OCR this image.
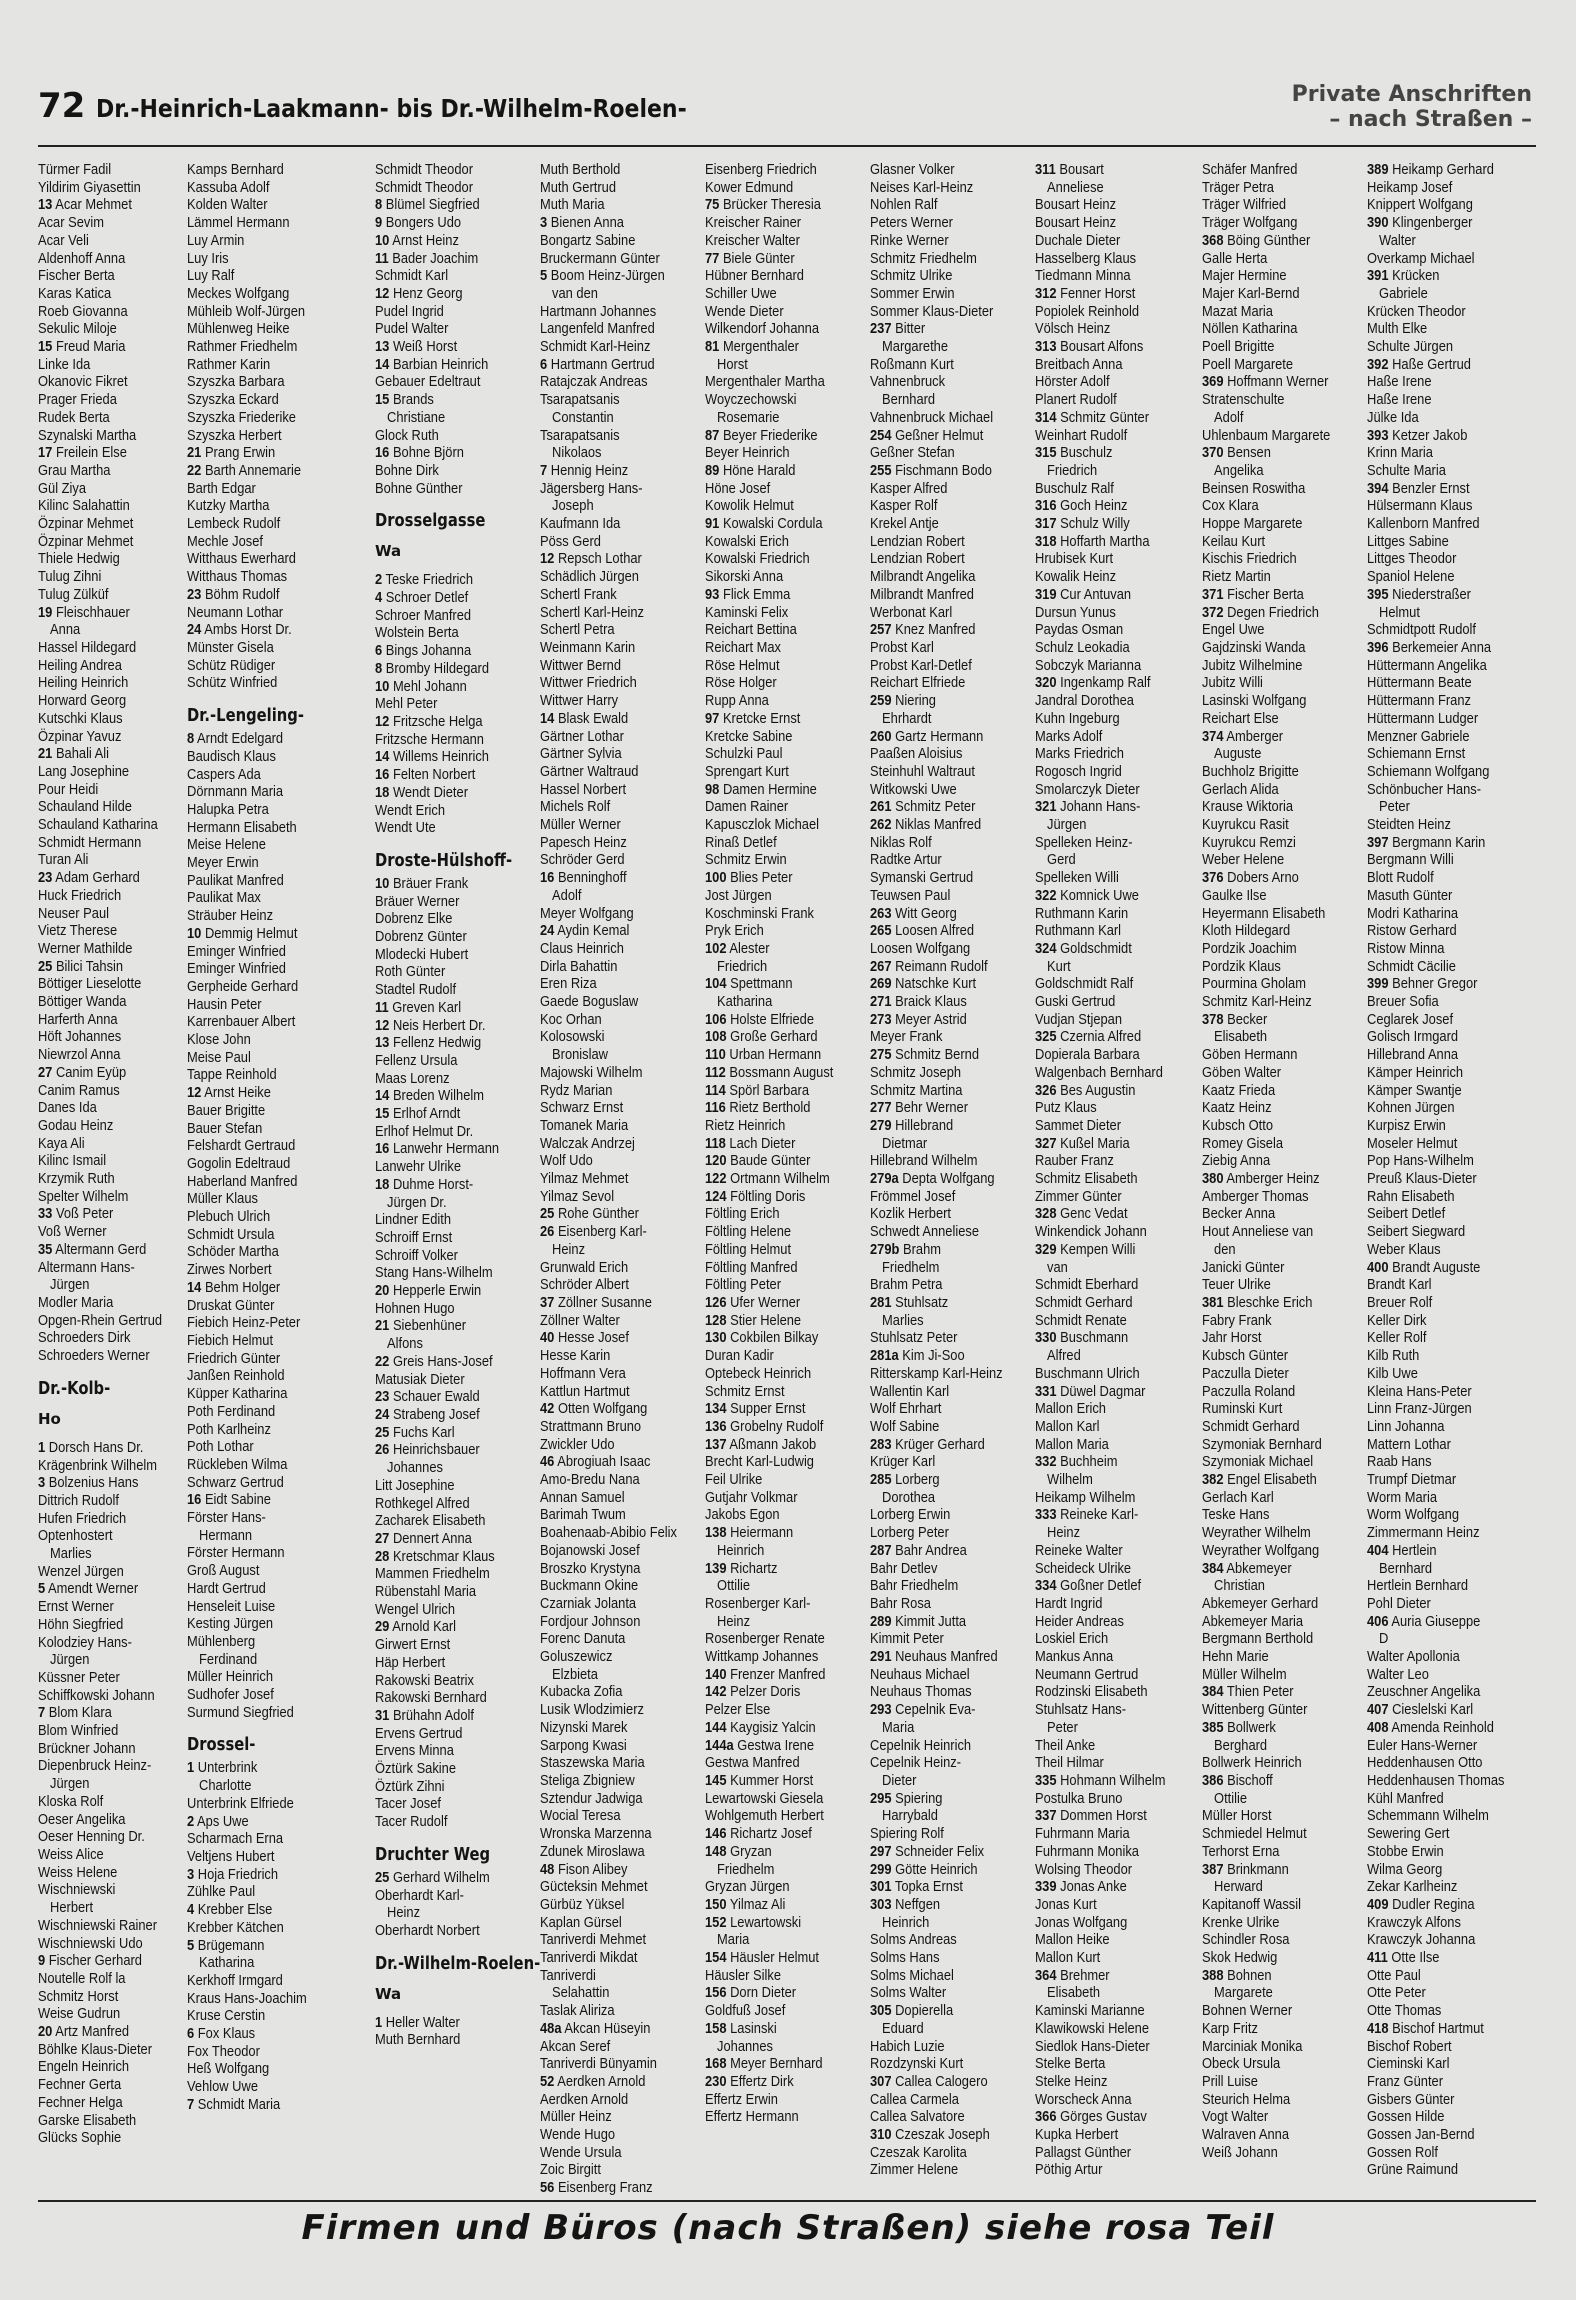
72 Dr.-Heinrich-Laakmann- bis Dr.-Wilhelm-Roelen-	Private Anschriften
– nach Straßen –
Türmer Fadil
Yildirim Giyasettin
13 Acar Mehmet
Acar Sevim
Acar Veli
Aldenhoff Anna
Fischer Berta
Karas Katica
Roeb Giovanna
Sekulic Miloje
15 Freud Maria
Linke Ida
Okanovic Fikret
Prager Frieda
Rudek Berta
Szynalski Martha
17 Freilein Else
Grau Martha
Gül Ziya
Kilinc Salahattin
Özpinar Mehmet
Özpinar Mehmet
Thiele Hedwig
Tulug Zihni
Tulug Zülküf
19 Fleischhauer
Anna
Hassel Hildegard
Heiling Andrea
Heiling Heinrich
Horward Georg
Kutschki Klaus
Özpinar Yavuz
21 Bahali Ali
Lang Josephine
Pour Heidi
Schauland Hilde
Schauland Katharina
Schmidt Hermann
Turan Ali
23 Adam Gerhard
Huck Friedrich
Neuser Paul
Vietz Therese
Werner Mathilde
25 Bilici Tahsin
Böttiger Lieselotte
Böttiger Wanda
Harferth Anna
Höft Johannes
Niewrzol Anna
27 Canim Eyüp
Canim Ramus
Danes Ida
Godau Heinz
Kaya Ali
Kilinc Ismail
Krzymik Ruth
Spelter Wilhelm
33 Voß Peter
Voß Werner
35 Altermann Gerd
Altermann Hans-
Jürgen
Modler Maria
Opgen-Rhein Gertrud
Schroeders Dirk
Schroeders Werner
Dr.-Kolb-
Ho
1 Dorsch Hans Dr.
Krägenbrink Wilhelm
3 Bolzenius Hans
Dittrich Rudolf
Hufen Friedrich
Optenhostert
Marlies
Wenzel Jürgen
5 Amendt Werner
Ernst Werner
Höhn Siegfried
Kolodziey Hans-
Jürgen
Küssner Peter
Schiffkowski Johann
7 Blom Klara
Blom Winfried
Brückner Johann
Diepenbruck Heinz-
Jürgen
Kloska Rolf
Oeser Angelika
Oeser Henning Dr.
Weiss Alice
Weiss Helene
Wischniewski
Herbert
Wischniewski Rainer
Wischniewski Udo
9 Fischer Gerhard
Noutelle Rolf la
Schmitz Horst
Weise Gudrun
20 Artz Manfred
Böhlke Klaus-Dieter
Engeln Heinrich
Fechner Gerta
Fechner Helga
Garske Elisabeth
Glücks Sophie
Kamps Bernhard
Kassuba Adolf
Kolden Walter
Lämmel Hermann
Luy Armin
Luy Iris
Luy Ralf
Meckes Wolfgang
Mühleib Wolf-Jürgen
Mühlenweg Heike
Rathmer Friedhelm
Rathmer Karin
Szyszka Barbara
Szyszka Eckard
Szyszka Friederike
Szyszka Herbert
21 Prang Erwin
22 Barth Annemarie
Barth Edgar
Kutzky Martha
Lembeck Rudolf
Mechle Josef
Witthaus Ewerhard
Witthaus Thomas
23 Böhm Rudolf
Neumann Lothar
24 Ambs Horst Dr.
Münster Gisela
Schütz Rüdiger
Schütz Winfried
Dr.-Lengeling-
8 Arndt Edelgard
Baudisch Klaus
Caspers Ada
Dörnmann Maria
Halupka Petra
Hermann Elisabeth
Meise Helene
Meyer Erwin
Paulikat Manfred
Paulikat Max
Sträuber Heinz
10 Demmig Helmut
Eminger Winfried
Eminger Winfried
Gerpheide Gerhard
Hausin Peter
Karrenbauer Albert
Klose John
Meise Paul
Tappe Reinhold
12 Arnst Heike
Bauer Brigitte
Bauer Stefan
Felshardt Gertraud
Gogolin Edeltraud
Haberland Manfred
Müller Klaus
Plebuch Ulrich
Schmidt Ursula
Schöder Martha
Zirwes Norbert
14 Behm Holger
Druskat Günter
Fiebich Heinz-Peter
Fiebich Helmut
Friedrich Günter
Janßen Reinhold
Küpper Katharina
Poth Ferdinand
Poth Karlheinz
Poth Lothar
Rückleben Wilma
Schwarz Gertrud
16 Eidt Sabine
Förster Hans-
Hermann
Förster Hermann
Groß August
Hardt Gertrud
Henseleit Luise
Kesting Jürgen
Mühlenberg
Ferdinand
Müller Heinrich
Sudhofer Josef
Surmund Siegfried
Drossel-
1 Unterbrink
Charlotte
Unterbrink Elfriede
2 Aps Uwe
Scharmach Erna
Veltjens Hubert
3 Hoja Friedrich
Zühlke Paul
4 Krebber Else
Krebber Kätchen
5 Brügemann
Katharina
Kerkhoff Irmgard
Kraus Hans-Joachim
Kruse Cerstin
6 Fox Klaus
Fox Theodor
Heß Wolfgang
Vehlow Uwe
7 Schmidt Maria
Schmidt Theodor
Schmidt Theodor
8 Blümel Siegfried
9 Bongers Udo
10 Arnst Heinz
11 Bader Joachim
Schmidt Karl
12 Henz Georg
Pudel Ingrid
Pudel Walter
13 Weiß Horst
14 Barbian Heinrich
Gebauer Edeltraut
15 Brands
Christiane
Glock Ruth
16 Bohne Björn
Bohne Dirk
Bohne Günther
Drosselgasse
Wa
2 Teske Friedrich
4 Schroer Detlef
Schroer Manfred
Wolstein Berta
6 Bings Johanna
8 Bromby Hildegard
10 Mehl Johann
Mehl Peter
12 Fritzsche Helga
Fritzsche Hermann
14 Willems Heinrich
16 Felten Norbert
18 Wendt Dieter
Wendt Erich
Wendt Ute
Droste-Hülshoff-
10 Bräuer Frank
Bräuer Werner
Dobrenz Elke
Dobrenz Günter
Mlodecki Hubert
Roth Günter
Stadtel Rudolf
11 Greven Karl
12 Neis Herbert Dr.
13 Fellenz Hedwig
Fellenz Ursula
Maas Lorenz
14 Breden Wilhelm
15 Erlhof Arndt
Erlhof Helmut Dr.
16 Lanwehr Hermann
Lanwehr Ulrike
18 Duhme Horst-
Jürgen Dr.
Lindner Edith
Schroiff Ernst
Schroiff Volker
Stang Hans-Wilhelm
20 Hepperle Erwin
Hohnen Hugo
21 Siebenhüner
Alfons
22 Greis Hans-Josef
Matusiak Dieter
23 Schauer Ewald
24 Strabeng Josef
25 Fuchs Karl
26 Heinrichsbauer
Johannes
Litt Josephine
Rothkegel Alfred
Zacharek Elisabeth
27 Dennert Anna
28 Kretschmar Klaus
Mammen Friedhelm
Rübenstahl Maria
Wengel Ulrich
29 Arnold Karl
Girwert Ernst
Häp Herbert
Rakowski Beatrix
Rakowski Bernhard
31 Brühahn Adolf
Ervens Gertrud
Ervens Minna
Öztürk Sakine
Öztürk Zihni
Tacer Josef
Tacer Rudolf
Druchter Weg
25 Gerhard Wilhelm
Oberhardt Karl-
Heinz
Oberhardt Norbert
Dr.-Wilhelm-Roelen-
Wa
1 Heller Walter
Muth Bernhard
Muth Berthold
Muth Gertrud
Muth Maria
3 Bienen Anna
Bongartz Sabine
Bruckermann Günter
5 Boom Heinz-Jürgen
van den
Hartmann Johannes
Langenfeld Manfred
Schmidt Karl-Heinz
6 Hartmann Gertrud
Ratajczak Andreas
Tsarapatsanis
Constantin
Tsarapatsanis
Nikolaos
7 Hennig Heinz
Jägersberg Hans-
Joseph
Kaufmann Ida
Pöss Gerd
12 Repsch Lothar
Schädlich Jürgen
Schertl Frank
Schertl Karl-Heinz
Schertl Petra
Weinmann Karin
Wittwer Bernd
Wittwer Friedrich
Wittwer Harry
14 Blask Ewald
Gärtner Lothar
Gärtner Sylvia
Gärtner Waltraud
Hassel Norbert
Michels Rolf
Müller Werner
Papesch Heinz
Schröder Gerd
16 Benninghoff
Adolf
Meyer Wolfgang
24 Aydin Kemal
Claus Heinrich
Dirla Bahattin
Eren Riza
Gaede Boguslaw
Koc Orhan
Kolosowski
Bronislaw
Majowski Wilhelm
Rydz Marian
Schwarz Ernst
Tomanek Maria
Walczak Andrzej
Wolf Udo
Yilmaz Mehmet
Yilmaz Sevol
25 Rohe Günther
26 Eisenberg Karl-
Heinz
Grunwald Erich
Schröder Albert
37 Zöllner Susanne
Zöllner Walter
40 Hesse Josef
Hesse Karin
Hoffmann Vera
Kattlun Hartmut
42 Otten Wolfgang
Strattmann Bruno
Zwickler Udo
46 Abrogiuah Isaac
Amo-Bredu Nana
Annan Samuel
Barimah Twum
Boahenaab-Abibio Felix
Bojanowski Josef
Broszko Krystyna
Buckmann Okine
Czarniak Jolanta
Fordjour Johnson
Forenc Danuta
Goluszewicz
Elzbieta
Kubacka Zofia
Lusik Wlodzimierz
Nizynski Marek
Sarpong Kwasi
Staszewska Maria
Steliga Zbigniew
Sztendur Jadwiga
Wocial Teresa
Wronska Marzenna
Zdunek Miroslawa
48 Fison Alibey
Gücteksin Mehmet
Gürbüz Yüksel
Kaplan Gürsel
Tanriverdi Mehmet
Tanriverdi Mikdat
Tanriverdi
Selahattin
Taslak Aliriza
48a Akcan Hüseyin
Akcan Seref
Tanriverdi Bünyamin
52 Aerdken Arnold
Aerdken Arnold
Müller Heinz
Wende Hugo
Wende Ursula
Zoic Birgitt
56 Eisenberg Franz
Eisenberg Friedrich
Kower Edmund
75 Brücker Theresia
Kreischer Rainer
Kreischer Walter
77 Biele Günter
Hübner Bernhard
Schiller Uwe
Wende Dieter
Wilkendorf Johanna
81 Mergenthaler
Horst
Mergenthaler Martha
Woyczechowski
Rosemarie
87 Beyer Friederike
Beyer Heinrich
89 Höne Harald
Höne Josef
Kowolik Helmut
91 Kowalski Cordula
Kowalski Erich
Kowalski Friedrich
Sikorski Anna
93 Flick Emma
Kaminski Felix
Reichart Bettina
Reichart Max
Röse Helmut
Röse Holger
Rupp Anna
97 Kretcke Ernst
Kretcke Sabine
Schulzki Paul
Sprengart Kurt
98 Damen Hermine
Damen Rainer
Kapusczlok Michael
Rinaß Detlef
Schmitz Erwin
100 Blies Peter
Jost Jürgen
Koschminski Frank
Pryk Erich
102 Alester
Friedrich
104 Spettmann
Katharina
106 Holste Elfriede
108 Große Gerhard
110 Urban Hermann
112 Bossmann August
114 Spörl Barbara
116 Rietz Berthold
Rietz Heinrich
118 Lach Dieter
120 Baude Günter
122 Ortmann Wilhelm
124 Föltling Doris
Föltling Erich
Föltling Helene
Föltling Helmut
Föltling Manfred
Föltling Peter
126 Ufer Werner
128 Stier Helene
130 Cokbilen Bilkay
Duran Kadir
Optebeck Heinrich
Schmitz Ernst
134 Supper Ernst
136 Grobelny Rudolf
137 Aßmann Jakob
Brecht Karl-Ludwig
Feil Ulrike
Gutjahr Volkmar
Jakobs Egon
138 Heiermann
Heinrich
139 Richartz
Ottilie
Rosenberger Karl-
Heinz
Rosenberger Renate
Wittkamp Johannes
140 Frenzer Manfred
142 Pelzer Doris
Pelzer Else
144 Kaygisiz Yalcin
144a Gestwa Irene
Gestwa Manfred
145 Kummer Horst
Lewartowski Giesela
Wohlgemuth Herbert
146 Richartz Josef
148 Gryzan
Friedhelm
Gryzan Jürgen
150 Yilmaz Ali
152 Lewartowski
Maria
154 Häusler Helmut
Häusler Silke
156 Dorn Dieter
Goldfuß Josef
158 Lasinski
Johannes
168 Meyer Bernhard
230 Effertz Dirk
Effertz Erwin
Effertz Hermann
Glasner Volker
Neises Karl-Heinz
Nohlen Ralf
Peters Werner
Rinke Werner
Schmitz Friedhelm
Schmitz Ulrike
Sommer Erwin
Sommer Klaus-Dieter
237 Bitter
Margarethe
Roßmann Kurt
Vahnenbruck
Bernhard
Vahnenbruck Michael
254 Geßner Helmut
Geßner Stefan
255 Fischmann Bodo
Kasper Alfred
Kasper Rolf
Krekel Antje
Lendzian Robert
Lendzian Robert
Milbrandt Angelika
Milbrandt Manfred
Werbonat Karl
257 Knez Manfred
Probst Karl
Probst Karl-Detlef
Reichart Elfriede
259 Niering
Ehrhardt
260 Gartz Hermann
Paaßen Aloisius
Steinhuhl Waltraut
Witkowski Uwe
261 Schmitz Peter
262 Niklas Manfred
Niklas Rolf
Radtke Artur
Symanski Gertrud
Teuwsen Paul
263 Witt Georg
265 Loosen Alfred
Loosen Wolfgang
267 Reimann Rudolf
269 Natschke Kurt
271 Braick Klaus
273 Meyer Astrid
Meyer Frank
275 Schmitz Bernd
Schmitz Joseph
Schmitz Martina
277 Behr Werner
279 Hillebrand
Dietmar
Hillebrand Wilhelm
279a Depta Wolfgang
Frömmel Josef
Kozlik Herbert
Schwedt Anneliese
279b Brahm
Friedhelm
Brahm Petra
281 Stuhlsatz
Marlies
Stuhlsatz Peter
281a Kim Ji-Soo
Ritterskamp Karl-Heinz
Wallentin Karl
Wolf Ehrhart
Wolf Sabine
283 Krüger Gerhard
Krüger Karl
285 Lorberg
Dorothea
Lorberg Erwin
Lorberg Peter
287 Bahr Andrea
Bahr Detlev
Bahr Friedhelm
Bahr Rosa
289 Kimmit Jutta
Kimmit Peter
291 Neuhaus Manfred
Neuhaus Michael
Neuhaus Thomas
293 Cepelnik Eva-
Maria
Cepelnik Heinrich
Cepelnik Heinz-
Dieter
295 Spiering
Harrybald
Spiering Rolf
297 Schneider Felix
299 Götte Heinrich
301 Topka Ernst
303 Neffgen
Heinrich
Solms Andreas
Solms Hans
Solms Michael
Solms Walter
305 Dopierella
Eduard
Habich Luzie
Rozdzynski Kurt
307 Callea Calogero
Callea Carmela
Callea Salvatore
310 Czeszak Joseph
Czeszak Karolita
Zimmer Helene
311 Bousart
Anneliese
Bousart Heinz
Bousart Heinz
Duchale Dieter
Hasselberg Klaus
Tiedmann Minna
312 Fenner Horst
Popiolek Reinhold
Völsch Heinz
313 Bousart Alfons
Breitbach Anna
Hörster Adolf
Planert Rudolf
314 Schmitz Günter
Weinhart Rudolf
315 Buschulz
Friedrich
Buschulz Ralf
316 Goch Heinz
317 Schulz Willy
318 Hoffarth Martha
Hrubisek Kurt
Kowalik Heinz
319 Cur Antuvan
Dursun Yunus
Paydas Osman
Schulz Leokadia
Sobczyk Marianna
320 Ingenkamp Ralf
Jandral Dorothea
Kuhn Ingeburg
Marks Adolf
Marks Friedrich
Rogosch Ingrid
Smolarczyk Dieter
321 Johann Hans-
Jürgen
Spelleken Heinz-
Gerd
Spelleken Willi
322 Komnick Uwe
Ruthmann Karin
Ruthmann Karl
324 Goldschmidt
Kurt
Goldschmidt Ralf
Guski Gertrud
Vudjan Stjepan
325 Czernia Alfred
Dopierala Barbara
Walgenbach Bernhard
326 Bes Augustin
Putz Klaus
Sammet Dieter
327 Kußel Maria
Rauber Franz
Schmitz Elisabeth
Zimmer Günter
328 Genc Vedat
Winkendick Johann
329 Kempen Willi
van
Schmidt Eberhard
Schmidt Gerhard
Schmidt Renate
330 Buschmann
Alfred
Buschmann Ulrich
331 Düwel Dagmar
Mallon Erich
Mallon Karl
Mallon Maria
332 Buchheim
Wilhelm
Heikamp Wilhelm
333 Reineke Karl-
Heinz
Reineke Walter
Scheideck Ulrike
334 Goßner Detlef
Hardt Ingrid
Heider Andreas
Loskiel Erich
Mankus Anna
Neumann Gertrud
Rodzinski Elisabeth
Stuhlsatz Hans-
Peter
Theil Anke
Theil Hilmar
335 Hohmann Wilhelm
Postulka Bruno
337 Dommen Horst
Fuhrmann Maria
Fuhrmann Monika
Wolsing Theodor
339 Jonas Anke
Jonas Kurt
Jonas Wolfgang
Mallon Heike
Mallon Kurt
364 Brehmer
Elisabeth
Kaminski Marianne
Klawikowski Helene
Siedlok Hans-Dieter
Stelke Berta
Stelke Heinz
Worscheck Anna
366 Görges Gustav
Kupka Herbert
Pallagst Günther
Pöthig Artur
Schäfer Manfred
Träger Petra
Träger Wilfried
Träger Wolfgang
368 Böing Günther
Galle Herta
Majer Hermine
Majer Karl-Bernd
Mazat Maria
Nöllen Katharina
Poell Brigitte
Poell Margarete
369 Hoffmann Werner
Stratenschulte
Adolf
Uhlenbaum Margarete
370 Bensen
Angelika
Beinsen Roswitha
Cox Klara
Hoppe Margarete
Keilau Kurt
Kischis Friedrich
Rietz Martin
371 Fischer Berta
372 Degen Friedrich
Engel Uwe
Gajdzinski Wanda
Jubitz Wilhelmine
Jubitz Willi
Lasinski Wolfgang
Reichart Else
374 Amberger
Auguste
Buchholz Brigitte
Gerlach Alida
Krause Wiktoria
Kuyrukcu Rasit
Kuyrukcu Remzi
Weber Helene
376 Dobers Arno
Gaulke Ilse
Heyermann Elisabeth
Kloth Hildegard
Pordzik Joachim
Pordzik Klaus
Pourmina Gholam
Schmitz Karl-Heinz
378 Becker
Elisabeth
Göben Hermann
Göben Walter
Kaatz Frieda
Kaatz Heinz
Kubsch Otto
Romey Gisela
Ziebig Anna
380 Amberger Heinz
Amberger Thomas
Becker Anna
Hout Anneliese van
den
Janicki Günter
Teuer Ulrike
381 Bleschke Erich
Fabry Frank
Jahr Horst
Kubsch Günter
Paczulla Dieter
Paczulla Roland
Ruminski Kurt
Schmidt Gerhard
Szymoniak Bernhard
Szymoniak Michael
382 Engel Elisabeth
Gerlach Karl
Teske Hans
Weyrather Wilhelm
Weyrather Wolfgang
384 Abkemeyer
Christian
Abkemeyer Gerhard
Abkemeyer Maria
Bergmann Berthold
Hehn Marie
Müller Wilhelm
384 Thien Peter
Wittenberg Günter
385 Bollwerk
Berghard
Bollwerk Heinrich
386 Bischoff
Ottilie
Müller Horst
Schmiedel Helmut
Terhorst Erna
387 Brinkmann
Herward
Kapitanoff Wassil
Krenke Ulrike
Schindler Rosa
Skok Hedwig
388 Bohnen
Margarete
Bohnen Werner
Karp Fritz
Marciniak Monika
Obeck Ursula
Prill Luise
Steurich Helma
Vogt Walter
Walraven Anna
Weiß Johann
389 Heikamp Gerhard
Heikamp Josef
Knippert Wolfgang
390 Klingenberger
Walter
Overkamp Michael
391 Krücken
Gabriele
Krücken Theodor
Multh Elke
Schulte Jürgen
392 Haße Gertrud
Haße Irene
Haße Irene
Jülke Ida
393 Ketzer Jakob
Krinn Maria
Schulte Maria
394 Benzler Ernst
Hülsermann Klaus
Kallenborn Manfred
Littges Sabine
Littges Theodor
Spaniol Helene
395 Niederstraßer
Helmut
Schmidtpott Rudolf
396 Berkemeier Anna
Hüttermann Angelika
Hüttermann Beate
Hüttermann Franz
Hüttermann Ludger
Menzner Gabriele
Schiemann Ernst
Schiemann Wolfgang
Schönbucher Hans-
Peter
Steidten Heinz
397 Bergmann Karin
Bergmann Willi
Blott Rudolf
Masuth Günter
Modri Katharina
Ristow Gerhard
Ristow Minna
Schmidt Cäcilie
399 Behner Gregor
Breuer Sofia
Ceglarek Josef
Golisch Irmgard
Hillebrand Anna
Kämper Heinrich
Kämper Swantje
Kohnen Jürgen
Kurpisz Erwin
Moseler Helmut
Pop Hans-Wilhelm
Preuß Klaus-Dieter
Rahn Elisabeth
Seibert Detlef
Seibert Siegward
Weber Klaus
400 Brandt Auguste
Brandt Karl
Breuer Rolf
Keller Dirk
Keller Rolf
Kilb Ruth
Kilb Uwe
Kleina Hans-Peter
Linn Franz-Jürgen
Linn Johanna
Mattern Lothar
Raab Hans
Trumpf Dietmar
Worm Maria
Worm Wolfgang
Zimmermann Heinz
404 Hertlein
Bernhard
Hertlein Bernhard
Pohl Dieter
406 Auria Giuseppe
D
Walter Apollonia
Walter Leo
Zeuschner Angelika
407 Cieslelski Karl
408 Amenda Reinhold
Euler Hans-Werner
Heddenhausen Otto
Heddenhausen Thomas
Kühl Manfred
Schemmann Wilhelm
Sewering Gert
Stobbe Erwin
Wilma Georg
Zekar Karlheinz
409 Dudler Regina
Krawczyk Alfons
Krawczyk Johanna
411 Otte Ilse
Otte Paul
Otte Peter
Otte Thomas
418 Bischof Hartmut
Bischof Robert
Cieminski Karl
Franz Günter
Gisbers Günter
Gossen Hilde
Gossen Jan-Bernd
Gossen Rolf
Grüne Raimund
Firmen und Büros (nach Straßen) siehe rosa Teil
